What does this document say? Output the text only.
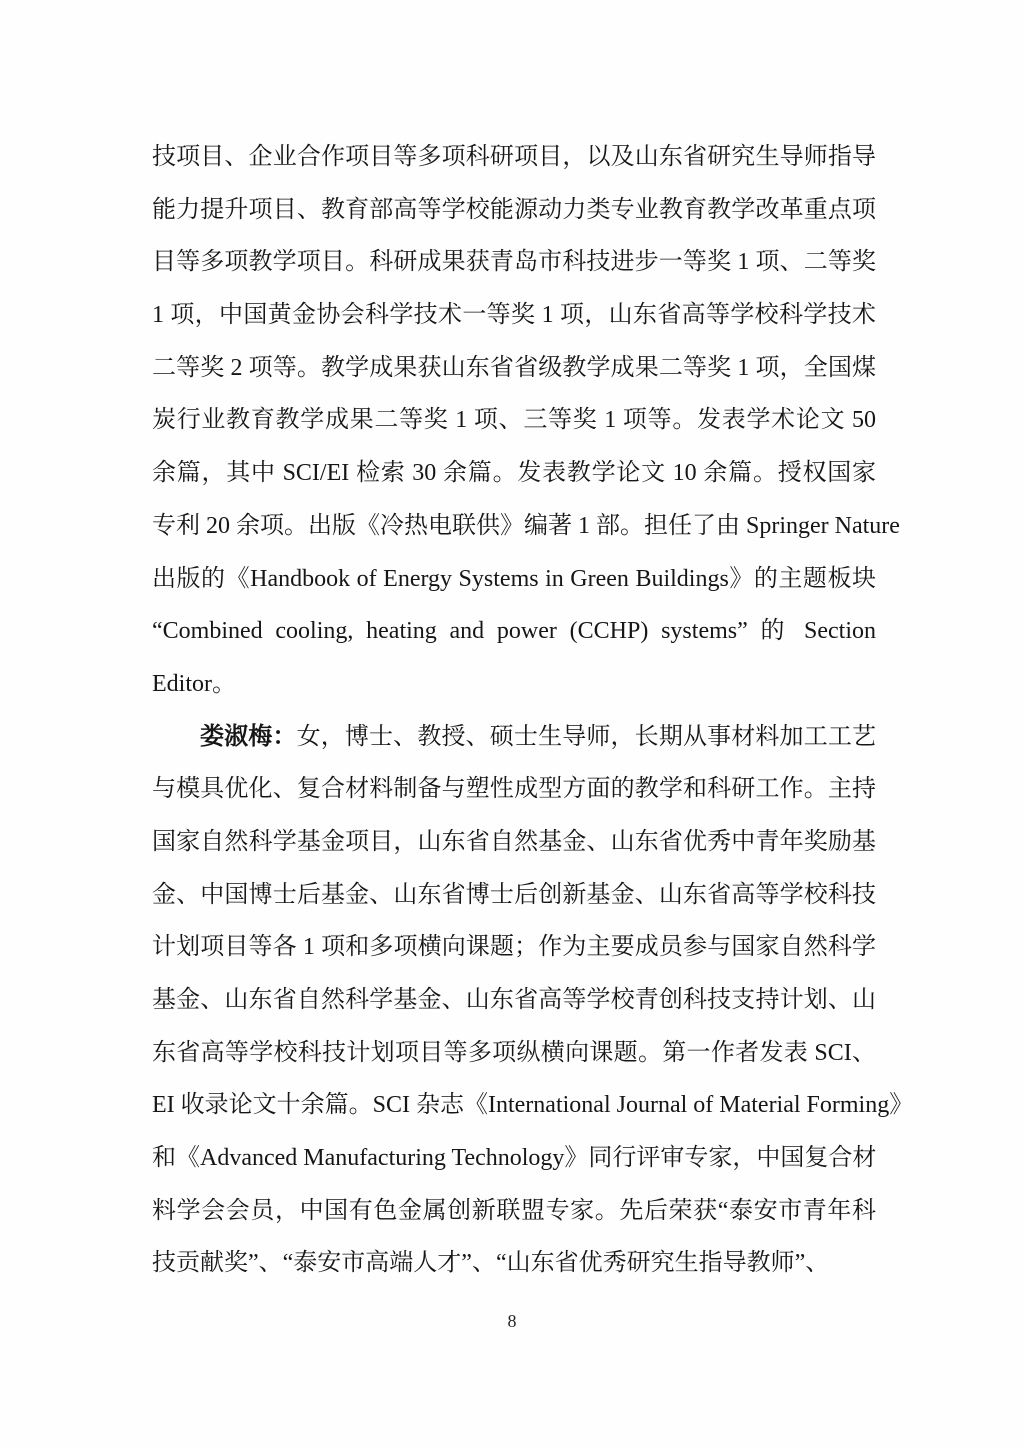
技项目、企业合作项目等多项科研项目，以及山东省研究生导师指导
能力提升项目、教育部高等学校能源动力类专业教育教学改革重点项
目等多项教学项目。科研成果获青岛市科技进步一等奖 1 项、二等奖
1 项，中国黄金协会科学技术一等奖 1 项，山东省高等学校科学技术
二等奖 2 项等。教学成果获山东省省级教学成果二等奖 1 项，全国煤
炭行业教育教学成果二等奖 1 项、三等奖 1 项等。发表学术论文 50
余篇，其中 SCI/EI 检索 30 余篇。发表教学论文 10 余篇。授权国家
专利 20 余项。出版《冷热电联供》编著 1 部。担任了由 Springer Nature
出版的《Handbook of Energy Systems in Green Buildings》的主题板块
“Combined cooling, heating and power (CCHP) systems” 的 Section
Editor。
娄淑梅：女，博士、教授、硕士生导师，长期从事材料加工工艺
与模具优化、复合材料制备与塑性成型方面的教学和科研工作。主持
国家自然科学基金项目，山东省自然基金、山东省优秀中青年奖励基
金、中国博士后基金、山东省博士后创新基金、山东省高等学校科技
计划项目等各 1 项和多项横向课题；作为主要成员参与国家自然科学
基金、山东省自然科学基金、山东省高等学校青创科技支持计划、山
东省高等学校科技计划项目等多项纵横向课题。第一作者发表 SCI、
EI 收录论文十余篇。SCI 杂志《International Journal of Material Forming》
和《Advanced Manufacturing Technology》同行评审专家，中国复合材
料学会会员，中国有色金属创新联盟专家。先后荣获“泰安市青年科
技贡献奖”、“泰安市高端人才”、“山东省优秀研究生指导教师”、
8
